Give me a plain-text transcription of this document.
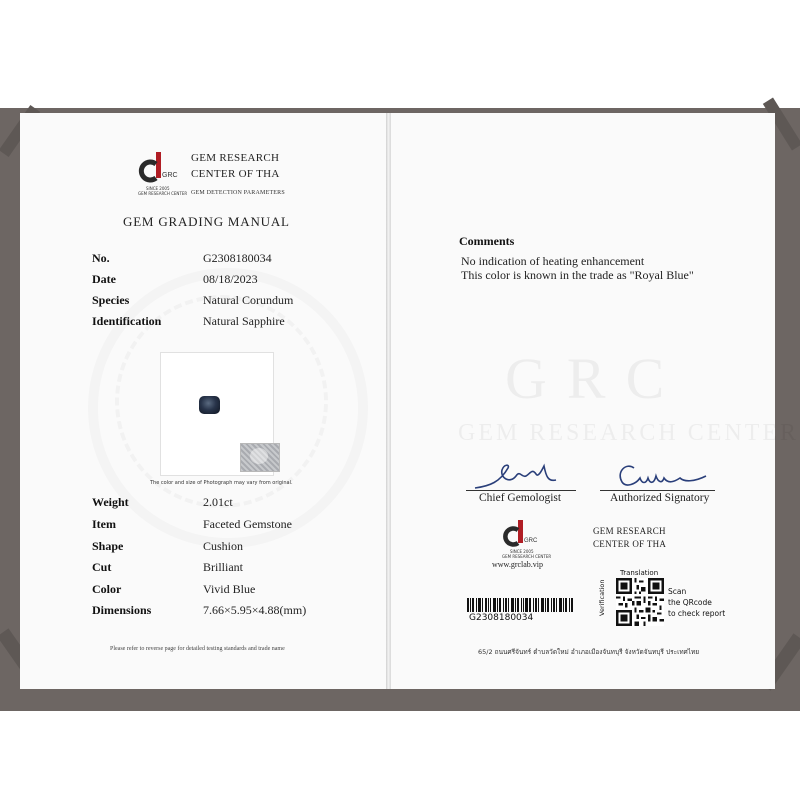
GRC
GEM RESEARCH CENTER
GRC
SINCE 2005
GEM RESEARCH CENTER
GEM RESEARCH
CENTER OF THA
GEM DETECTION PARAMETERS
GEM GRADING MANUAL
No.	G2308180034
Date	08/18/2023
Species	Natural Corundum
Identification	Natural Sapphire
The color and size of Photograph may vary from original.
Weight	2.01ct
Item	Faceted Gemstone
Shape	Cushion
Cut	Brilliant
Color	Vivid Blue
Dimensions	7.66×5.95×4.88(mm)
Please refer to reverse page for detailed testing standards and trade name
Comments
No indication of heating enhancement
This color is known in the trade as "Royal Blue"
Chief Gemologist	Authorized Signatory
GRC
SINCE 2005
GEM RESEARCH CENTER
www.grclab.vip
GEM RESEARCH
CENTER OF THA
G2308180034
Translation
Verification	Scan
the QRcode
to check report
65/2 ถนนศรีจันทร์ ตำบลวัดใหม่ อำเภอเมืองจันทบุรี จังหวัดจันทบุรี ประเทศไทย
